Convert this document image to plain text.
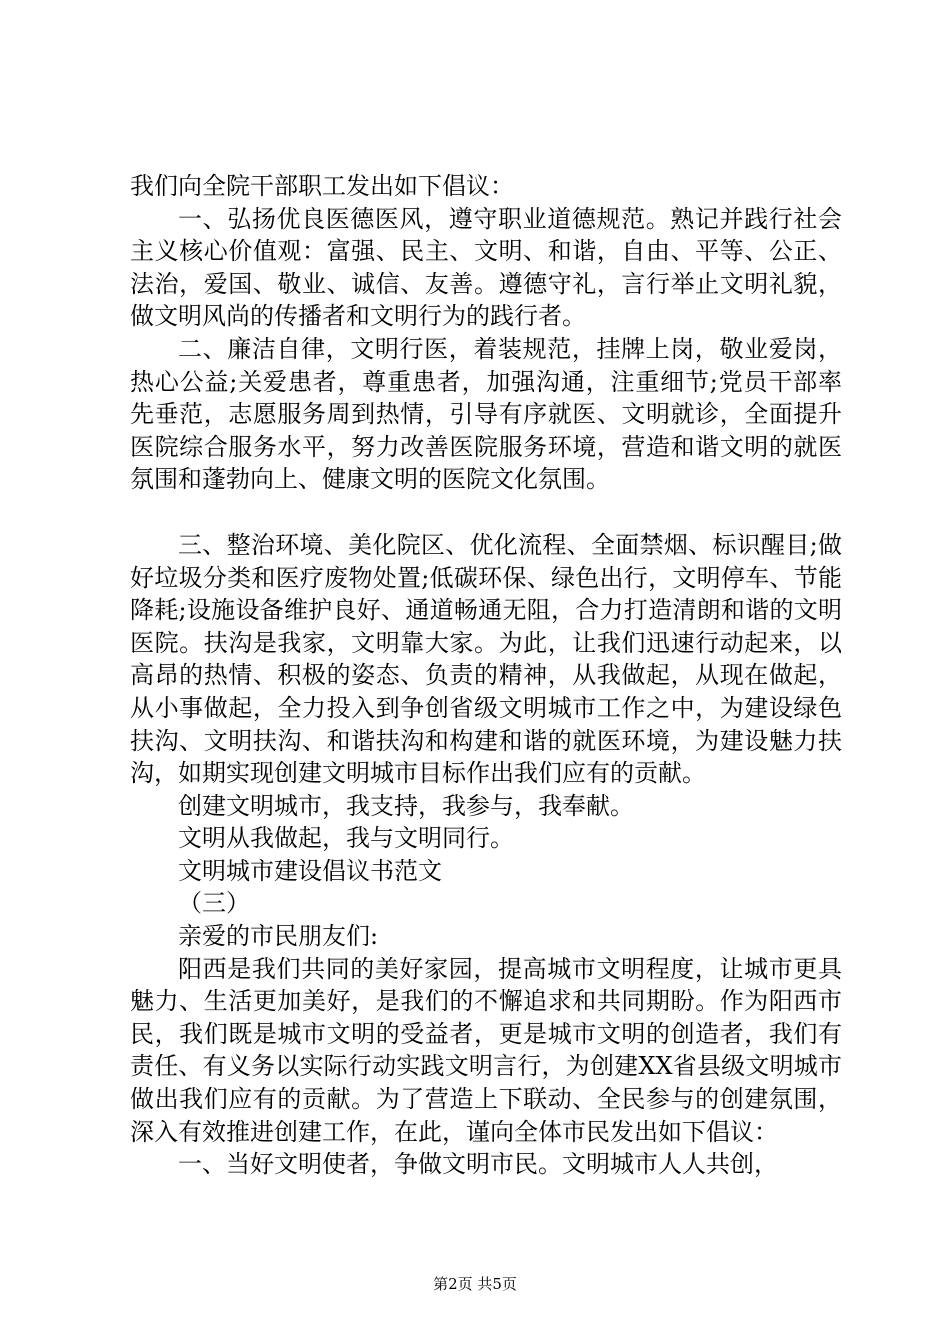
我们向全院干部职工发出如下倡议：

一、弘扬优良医德医风，遵守职业道德规范。熟记并践行社会主义核心价值观：富强、民主、文明、和谐，自由、平等、公正、法治，爱国、敬业、诚信、友善。遵德守礼，言行举止文明礼貌，做文明风尚的传播者和文明行为的践行者。

二、廉洁自律，文明行医，着装规范，挂牌上岗，敬业爱岗，热心公益;关爱患者，尊重患者，加强沟通，注重细节;党员干部率先垂范，志愿服务周到热情，引导有序就医、文明就诊，全面提升医院综合服务水平，努力改善医院服务环境，营造和谐文明的就医氛围和蓬勃向上、健康文明的医院文化氛围。

三、整治环境、美化院区、优化流程、全面禁烟、标识醒目;做好垃圾分类和医疗废物处置;低碳环保、绿色出行，文明停车、节能降耗;设施设备维护良好、通道畅通无阻，合力打造清朗和谐的文明医院。扶沟是我家，文明靠大家。为此，让我们迅速行动起来，以高昂的热情、积极的姿态、负责的精神，从我做起，从现在做起，从小事做起，全力投入到争创省级文明城市工作之中，为建设绿色扶沟、文明扶沟、和谐扶沟和构建和谐的就医环境，为建设魅力扶沟，如期实现创建文明城市目标作出我们应有的贡献。

创建文明城市，我支持，我参与，我奉献。

文明从我做起，我与文明同行。

文明城市建设倡议书范文

（三）

亲爱的市民朋友们:

阳西是我们共同的美好家园，提高城市文明程度，让城市更具魅力、生活更加美好，是我们的不懈追求和共同期盼。作为阳西市民，我们既是城市文明的受益者，更是城市文明的创造者，我们有责任、有义务以实际行动实践文明言行，为创建XX省县级文明城市做出我们应有的贡献。为了营造上下联动、全民参与的创建氛围，深入有效推进创建工作，在此，谨向全体市民发出如下倡议：

一、当好文明使者，争做文明市民。文明城市人人共创，

第2页 共5页
